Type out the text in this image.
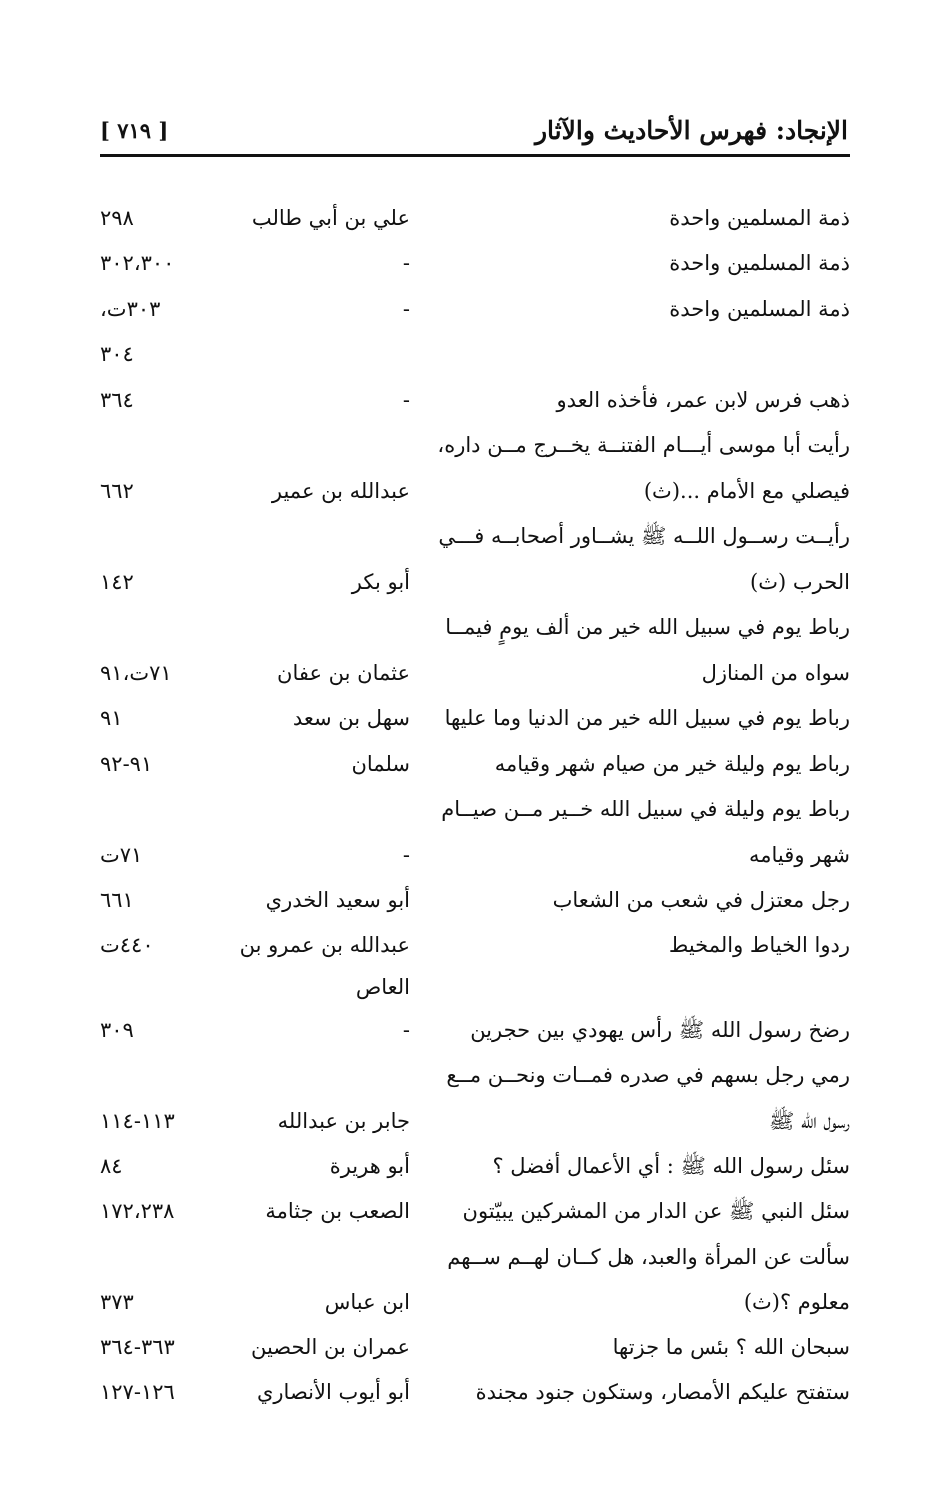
الإنجاد: فهرس الأحاديث والآثار
[ ٧١٩ ]
ذمة المسلمين واحدة
علي بن أبي طالب
٢٩٨
ذمة المسلمين واحدة
-
٣٠٢،٣٠٠
ذمة المسلمين واحدة
-
٣٠٣ت،
٣٠٤
ذهب فرس لابن عمر، فأخذه العدو
-
٣٦٤
رأيت أبا موسى أيـــام الفتنــة يخــرج مــن داره،
فيصلي مع الأمام ...(ث)
عبدالله بن عمير
٦٦٢
رأيــت رســول اللــه ﷺ يشــاور أصحابــه فـــي
الحرب (ث)
أبو بكر
١٤٢
رباط يوم في سبيل الله خير من ألف يومٍ فيمــا
سواه من المنازل
عثمان بن عفان
٧١ت،٩١
رباط يوم في سبيل الله خير من الدنيا وما عليها
سهل بن سعد
٩١
رباط يوم وليلة خير من صيام شهر وقيامه
سلمان
٩١-٩٢
رباط يوم وليلة في سبيل الله خــير مــن صيــام
شهر وقيامه
-
٧١ت
رجل معتزل في شعب من الشعاب
أبو سعيد الخدري
٦٦١
ردوا الخياط والمخيط
عبدالله بن عمرو بن
٤٤٠ت
العاص
رضخ رسول الله ﷺ رأس يهودي بين حجرين
-
٣٠٩
رمي رجل بسهم في صدره فمــات ونحــن مــع
رسول الله ﷺ
جابر بن عبدالله
١١٣-١١٤
سئل رسول الله ﷺ : أي الأعمال أفضل ؟
أبو هريرة
٨٤
سئل النبي ﷺ عن الدار من المشركين يبيّتون
الصعب بن جثامة
١٧٢،٢٣٨
سألت عن المرأة والعبد، هل كــان لهــم ســهم
معلوم ؟(ث)
ابن عباس
٣٧٣
سبحان الله ؟ بئس ما جزتها
عمران بن الحصين
٣٦٣-٣٦٤
ستفتح عليكم الأمصار، وستكون جنود مجندة
أبو أيوب الأنصاري
١٢٦-١٢٧
